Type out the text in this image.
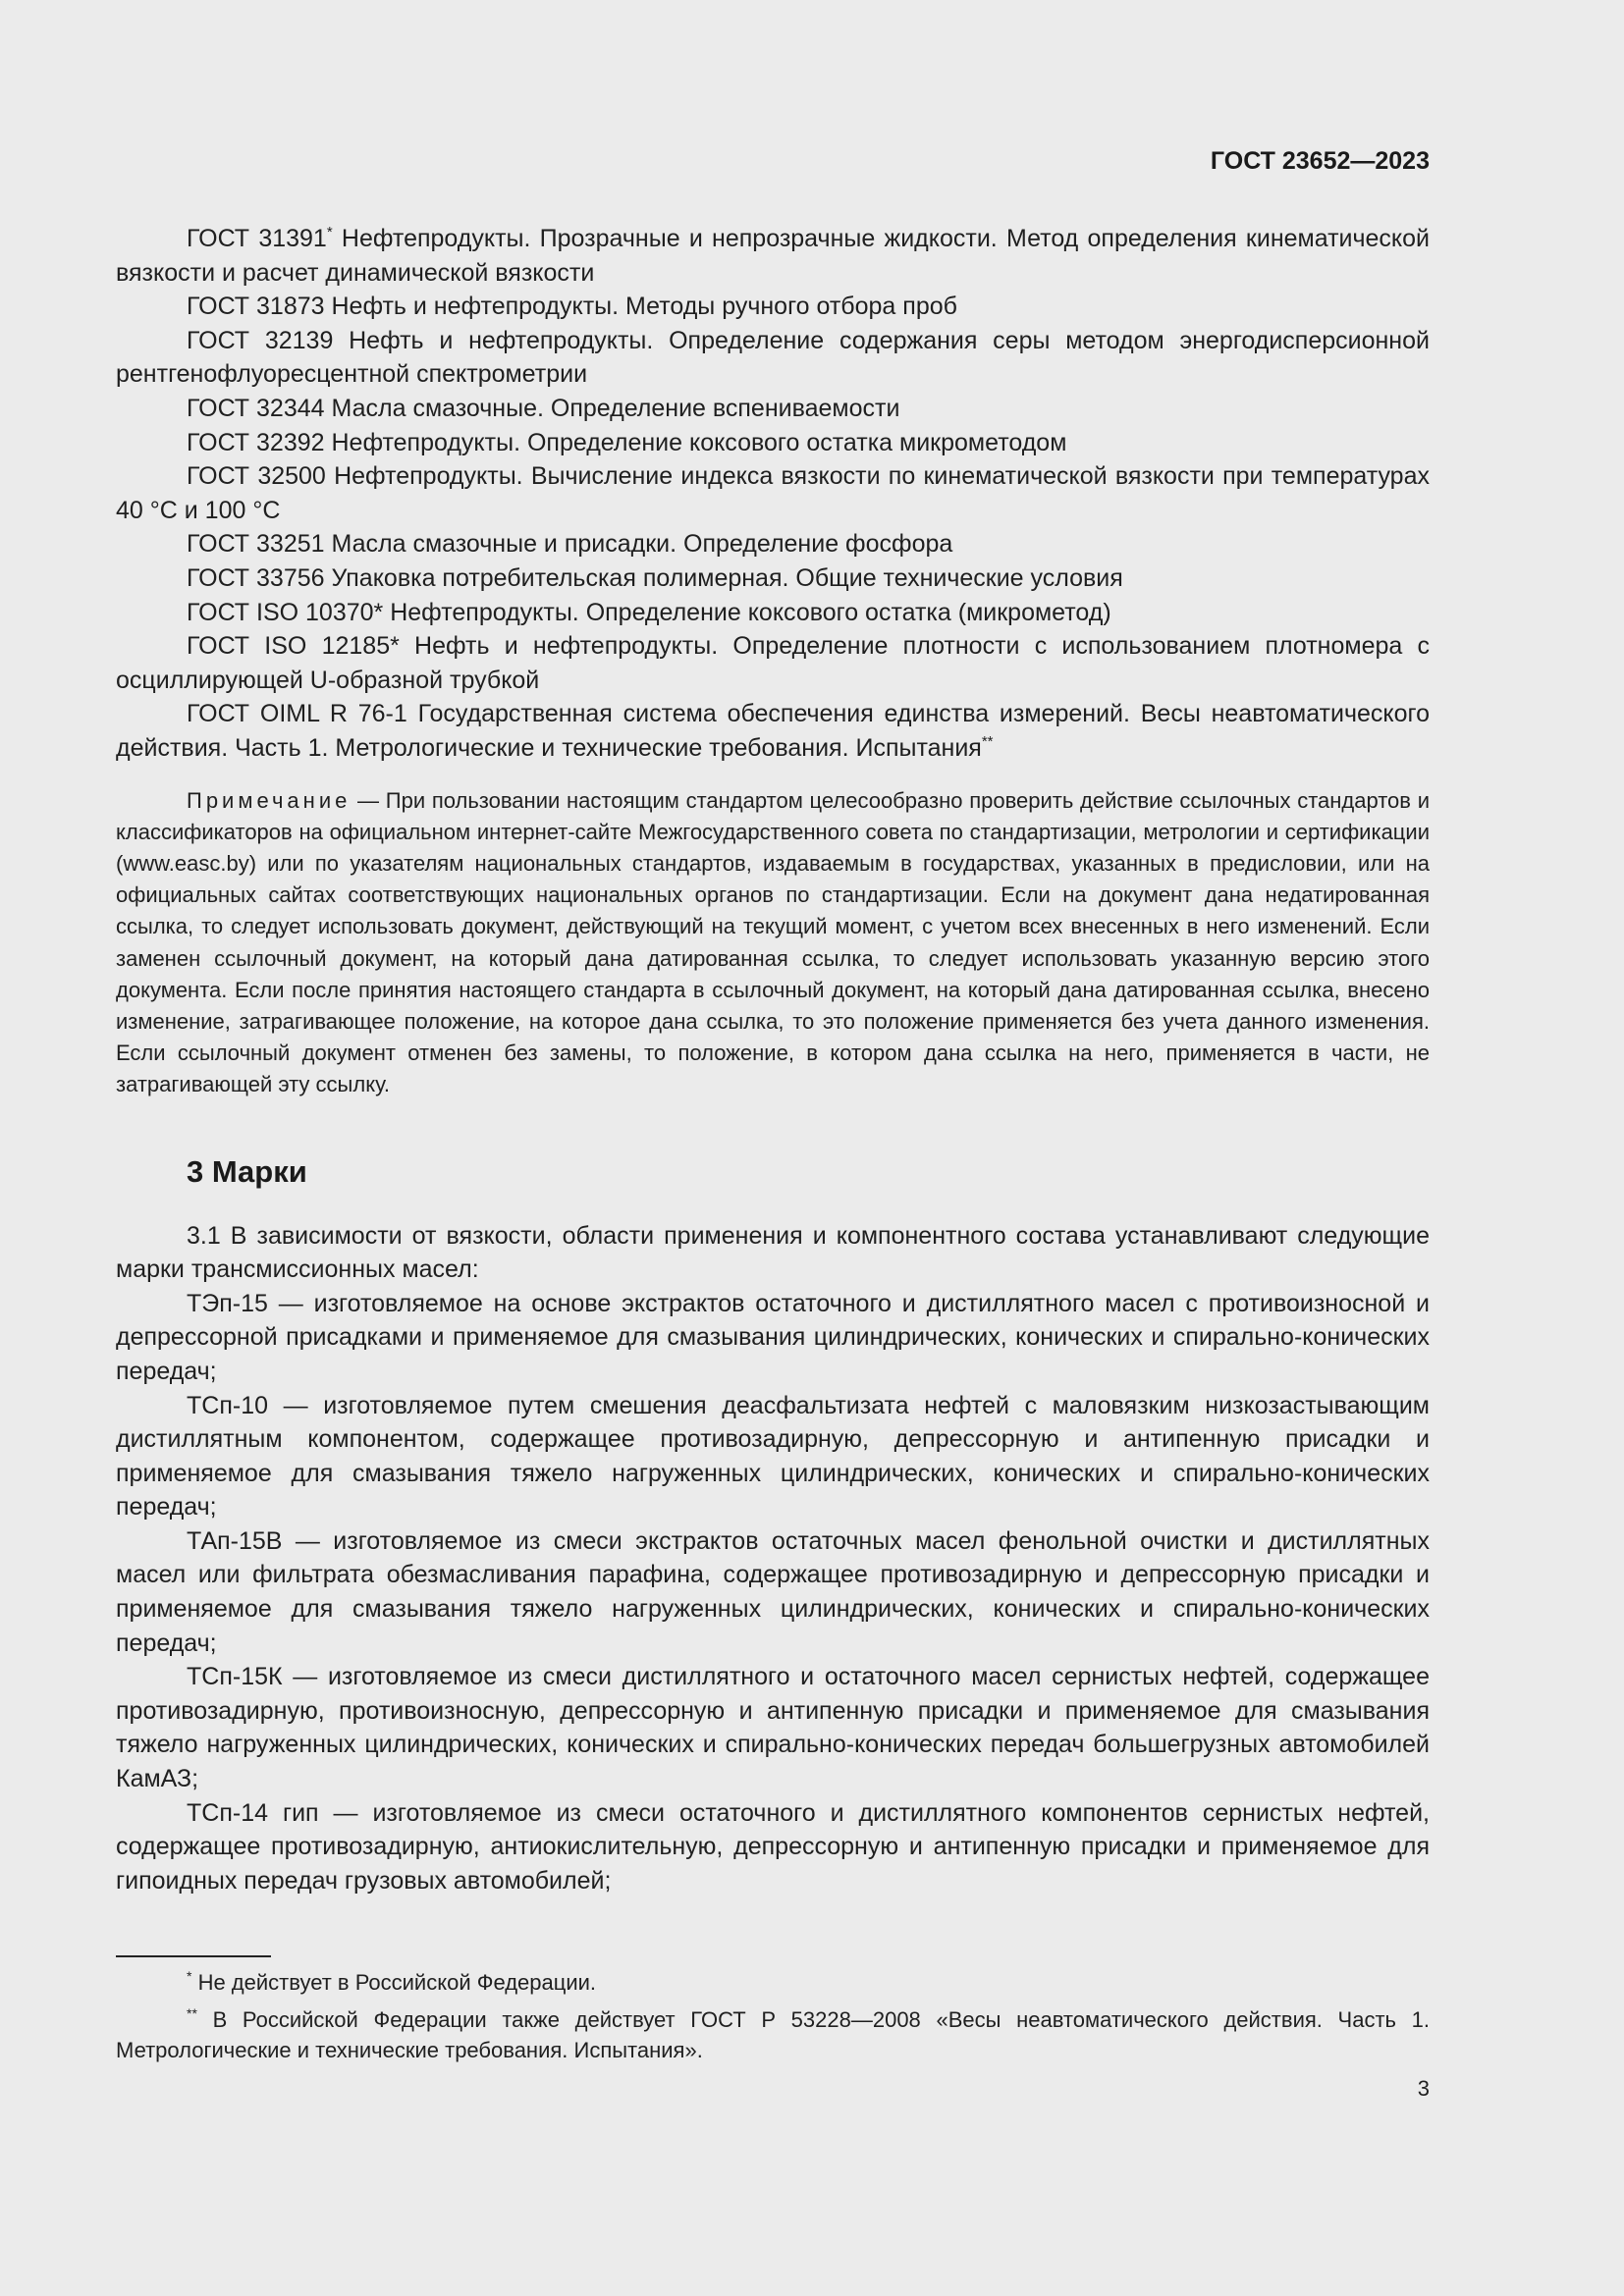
ГОСТ 23652—2023

ГОСТ 31391* Нефтепродукты. Прозрачные и непрозрачные жидкости. Метод определения кинематической вязкости и расчет динамической вязкости

ГОСТ 31873 Нефть и нефтепродукты. Методы ручного отбора проб

ГОСТ 32139 Нефть и нефтепродукты. Определение содержания серы методом энергодисперсионной рентгенофлуоресцентной спектрометрии

ГОСТ 32344 Масла смазочные. Определение вспениваемости

ГОСТ 32392 Нефтепродукты. Определение коксового остатка микрометодом

ГОСТ 32500 Нефтепродукты. Вычисление индекса вязкости по кинематической вязкости при температурах 40 °С и 100 °С

ГОСТ 33251 Масла смазочные и присадки. Определение фосфора

ГОСТ 33756 Упаковка потребительская полимерная. Общие технические условия

ГОСТ ISO 10370* Нефтепродукты. Определение коксового остатка (микрометод)

ГОСТ ISO 12185* Нефть и нефтепродукты. Определение плотности с использованием плотномера с осциллирующей U-образной трубкой

ГОСТ OIML R 76-1 Государственная система обеспечения единства измерений. Весы неавтоматического действия. Часть 1. Метрологические и технические требования. Испытания**

Примечание — При пользовании настоящим стандартом целесообразно проверить действие ссылочных стандартов и классификаторов на официальном интернет-сайте Межгосударственного совета по стандартизации, метрологии и сертификации (www.easc.by) или по указателям национальных стандартов, издаваемым в государствах, указанных в предисловии, или на официальных сайтах соответствующих национальных органов по стандартизации. Если на документ дана недатированная ссылка, то следует использовать документ, действующий на текущий момент, с учетом всех внесенных в него изменений. Если заменен ссылочный документ, на который дана датированная ссылка, то следует использовать указанную версию этого документа. Если после принятия настоящего стандарта в ссылочный документ, на который дана датированная ссылка, внесено изменение, затрагивающее положение, на которое дана ссылка, то это положение применяется без учета данного изменения. Если ссылочный документ отменен без замены, то положение, в котором дана ссылка на него, применяется в части, не затрагивающей эту ссылку.

3 Марки

3.1 В зависимости от вязкости, области применения и компонентного состава устанавливают следующие марки трансмиссионных масел:

ТЭп-15 — изготовляемое на основе экстрактов остаточного и дистиллятного масел с противоизносной и депрессорной присадками и применяемое для смазывания цилиндрических, конических и спирально-конических передач;

ТСп-10 — изготовляемое путем смешения деасфальтизата нефтей с маловязким низкозастывающим дистиллятным компонентом, содержащее противозадирную, депрессорную и антипенную присадки и применяемое для смазывания тяжело нагруженных цилиндрических, конических и спирально-конических передач;

ТАп-15В — изготовляемое из смеси экстрактов остаточных масел фенольной очистки и дистиллятных масел или фильтрата обезмасливания парафина, содержащее противозадирную и депрессорную присадки и применяемое для смазывания тяжело нагруженных цилиндрических, конических и спирально-конических передач;

ТСп-15К — изготовляемое из смеси дистиллятного и остаточного масел сернистых нефтей, содержащее противозадирную, противоизносную, депрессорную и антипенную присадки и применяемое для смазывания тяжело нагруженных цилиндрических, конических и спирально-конических передач большегрузных автомобилей КамАЗ;

ТСп-14 гип — изготовляемое из смеси остаточного и дистиллятного компонентов сернистых нефтей, содержащее противозадирную, антиокислительную, депрессорную и антипенную присадки и применяемое для гипоидных передач грузовых автомобилей;

* Не действует в Российской Федерации.

** В Российской Федерации также действует ГОСТ Р 53228—2008 «Весы неавтоматического действия. Часть 1. Метрологические и технические требования. Испытания».

3
